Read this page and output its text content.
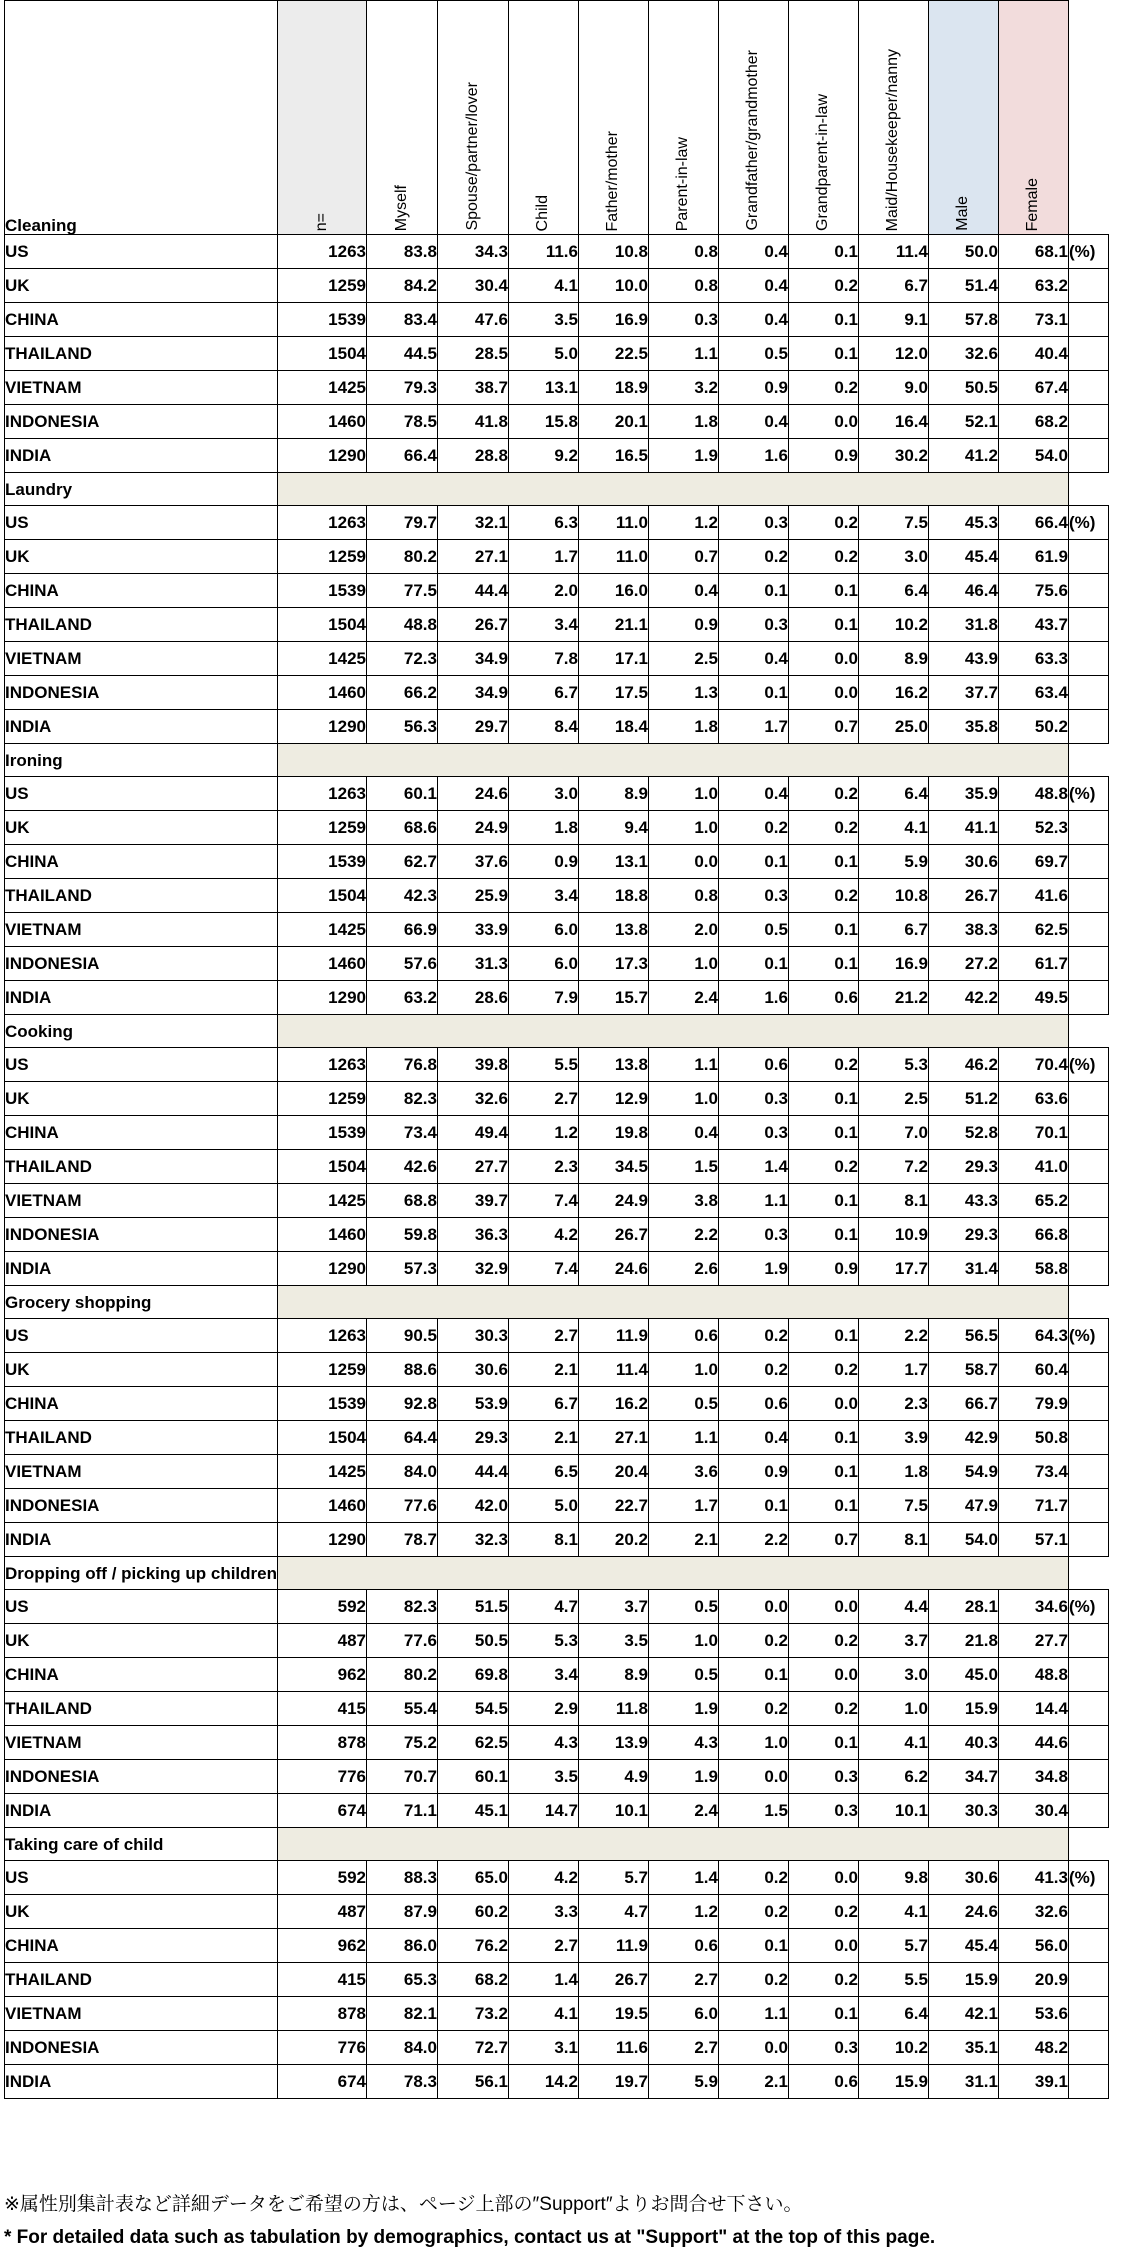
Cleaning	n=	Myself	Spouse/partner/lover	Child	Father/mother	Parent-in-law	Grandfather/grandmother	Grandparent-in-law	Maid/Housekeeper/nanny	Male	Female	
US	1263	83.8	34.3	11.6	10.8	0.8	0.4	0.1	11.4	50.0	68.1	(%)
UK	1259	84.2	30.4	4.1	10.0	0.8	0.4	0.2	6.7	51.4	63.2	
CHINA	1539	83.4	47.6	3.5	16.9	0.3	0.4	0.1	9.1	57.8	73.1	
THAILAND	1504	44.5	28.5	5.0	22.5	1.1	0.5	0.1	12.0	32.6	40.4	
VIETNAM	1425	79.3	38.7	13.1	18.9	3.2	0.9	0.2	9.0	50.5	67.4	
INDONESIA	1460	78.5	41.8	15.8	20.1	1.8	0.4	0.0	16.4	52.1	68.2	
INDIA	1290	66.4	28.8	9.2	16.5	1.9	1.6	0.9	30.2	41.2	54.0	
Laundry												
US	1263	79.7	32.1	6.3	11.0	1.2	0.3	0.2	7.5	45.3	66.4	(%)
UK	1259	80.2	27.1	1.7	11.0	0.7	0.2	0.2	3.0	45.4	61.9	
CHINA	1539	77.5	44.4	2.0	16.0	0.4	0.1	0.1	6.4	46.4	75.6	
THAILAND	1504	48.8	26.7	3.4	21.1	0.9	0.3	0.1	10.2	31.8	43.7	
VIETNAM	1425	72.3	34.9	7.8	17.1	2.5	0.4	0.0	8.9	43.9	63.3	
INDONESIA	1460	66.2	34.9	6.7	17.5	1.3	0.1	0.0	16.2	37.7	63.4	
INDIA	1290	56.3	29.7	8.4	18.4	1.8	1.7	0.7	25.0	35.8	50.2	
Ironing												
US	1263	60.1	24.6	3.0	8.9	1.0	0.4	0.2	6.4	35.9	48.8	(%)
UK	1259	68.6	24.9	1.8	9.4	1.0	0.2	0.2	4.1	41.1	52.3	
CHINA	1539	62.7	37.6	0.9	13.1	0.0	0.1	0.1	5.9	30.6	69.7	
THAILAND	1504	42.3	25.9	3.4	18.8	0.8	0.3	0.2	10.8	26.7	41.6	
VIETNAM	1425	66.9	33.9	6.0	13.8	2.0	0.5	0.1	6.7	38.3	62.5	
INDONESIA	1460	57.6	31.3	6.0	17.3	1.0	0.1	0.1	16.9	27.2	61.7	
INDIA	1290	63.2	28.6	7.9	15.7	2.4	1.6	0.6	21.2	42.2	49.5	
Cooking												
US	1263	76.8	39.8	5.5	13.8	1.1	0.6	0.2	5.3	46.2	70.4	(%)
UK	1259	82.3	32.6	2.7	12.9	1.0	0.3	0.1	2.5	51.2	63.6	
CHINA	1539	73.4	49.4	1.2	19.8	0.4	0.3	0.1	7.0	52.8	70.1	
THAILAND	1504	42.6	27.7	2.3	34.5	1.5	1.4	0.2	7.2	29.3	41.0	
VIETNAM	1425	68.8	39.7	7.4	24.9	3.8	1.1	0.1	8.1	43.3	65.2	
INDONESIA	1460	59.8	36.3	4.2	26.7	2.2	0.3	0.1	10.9	29.3	66.8	
INDIA	1290	57.3	32.9	7.4	24.6	2.6	1.9	0.9	17.7	31.4	58.8	
Grocery shopping												
US	1263	90.5	30.3	2.7	11.9	0.6	0.2	0.1	2.2	56.5	64.3	(%)
UK	1259	88.6	30.6	2.1	11.4	1.0	0.2	0.2	1.7	58.7	60.4	
CHINA	1539	92.8	53.9	6.7	16.2	0.5	0.6	0.0	2.3	66.7	79.9	
THAILAND	1504	64.4	29.3	2.1	27.1	1.1	0.4	0.1	3.9	42.9	50.8	
VIETNAM	1425	84.0	44.4	6.5	20.4	3.6	0.9	0.1	1.8	54.9	73.4	
INDONESIA	1460	77.6	42.0	5.0	22.7	1.7	0.1	0.1	7.5	47.9	71.7	
INDIA	1290	78.7	32.3	8.1	20.2	2.1	2.2	0.7	8.1	54.0	57.1	
Dropping off / picking up children												
US	592	82.3	51.5	4.7	3.7	0.5	0.0	0.0	4.4	28.1	34.6	(%)
UK	487	77.6	50.5	5.3	3.5	1.0	0.2	0.2	3.7	21.8	27.7	
CHINA	962	80.2	69.8	3.4	8.9	0.5	0.1	0.0	3.0	45.0	48.8	
THAILAND	415	55.4	54.5	2.9	11.8	1.9	0.2	0.2	1.0	15.9	14.4	
VIETNAM	878	75.2	62.5	4.3	13.9	4.3	1.0	0.1	4.1	40.3	44.6	
INDONESIA	776	70.7	60.1	3.5	4.9	1.9	0.0	0.3	6.2	34.7	34.8	
INDIA	674	71.1	45.1	14.7	10.1	2.4	1.5	0.3	10.1	30.3	30.4	
Taking care of child												
US	592	88.3	65.0	4.2	5.7	1.4	0.2	0.0	9.8	30.6	41.3	(%)
UK	487	87.9	60.2	3.3	4.7	1.2	0.2	0.2	4.1	24.6	32.6	
CHINA	962	86.0	76.2	2.7	11.9	0.6	0.1	0.0	5.7	45.4	56.0	
THAILAND	415	65.3	68.2	1.4	26.7	2.7	0.2	0.2	5.5	15.9	20.9	
VIETNAM	878	82.1	73.2	4.1	19.5	6.0	1.1	0.1	6.4	42.1	53.6	
INDONESIA	776	84.0	72.7	3.1	11.6	2.7	0.0	0.3	10.2	35.1	48.2	
INDIA	674	78.3	56.1	14.2	19.7	5.9	2.1	0.6	15.9	31.1	39.1	

※属性別集計表など詳細データをご希望の方は、ページ上部の″Support″よりお問合せ下さい。

* For detailed data such as tabulation by demographics, contact us at "Support" at the top of this page.
